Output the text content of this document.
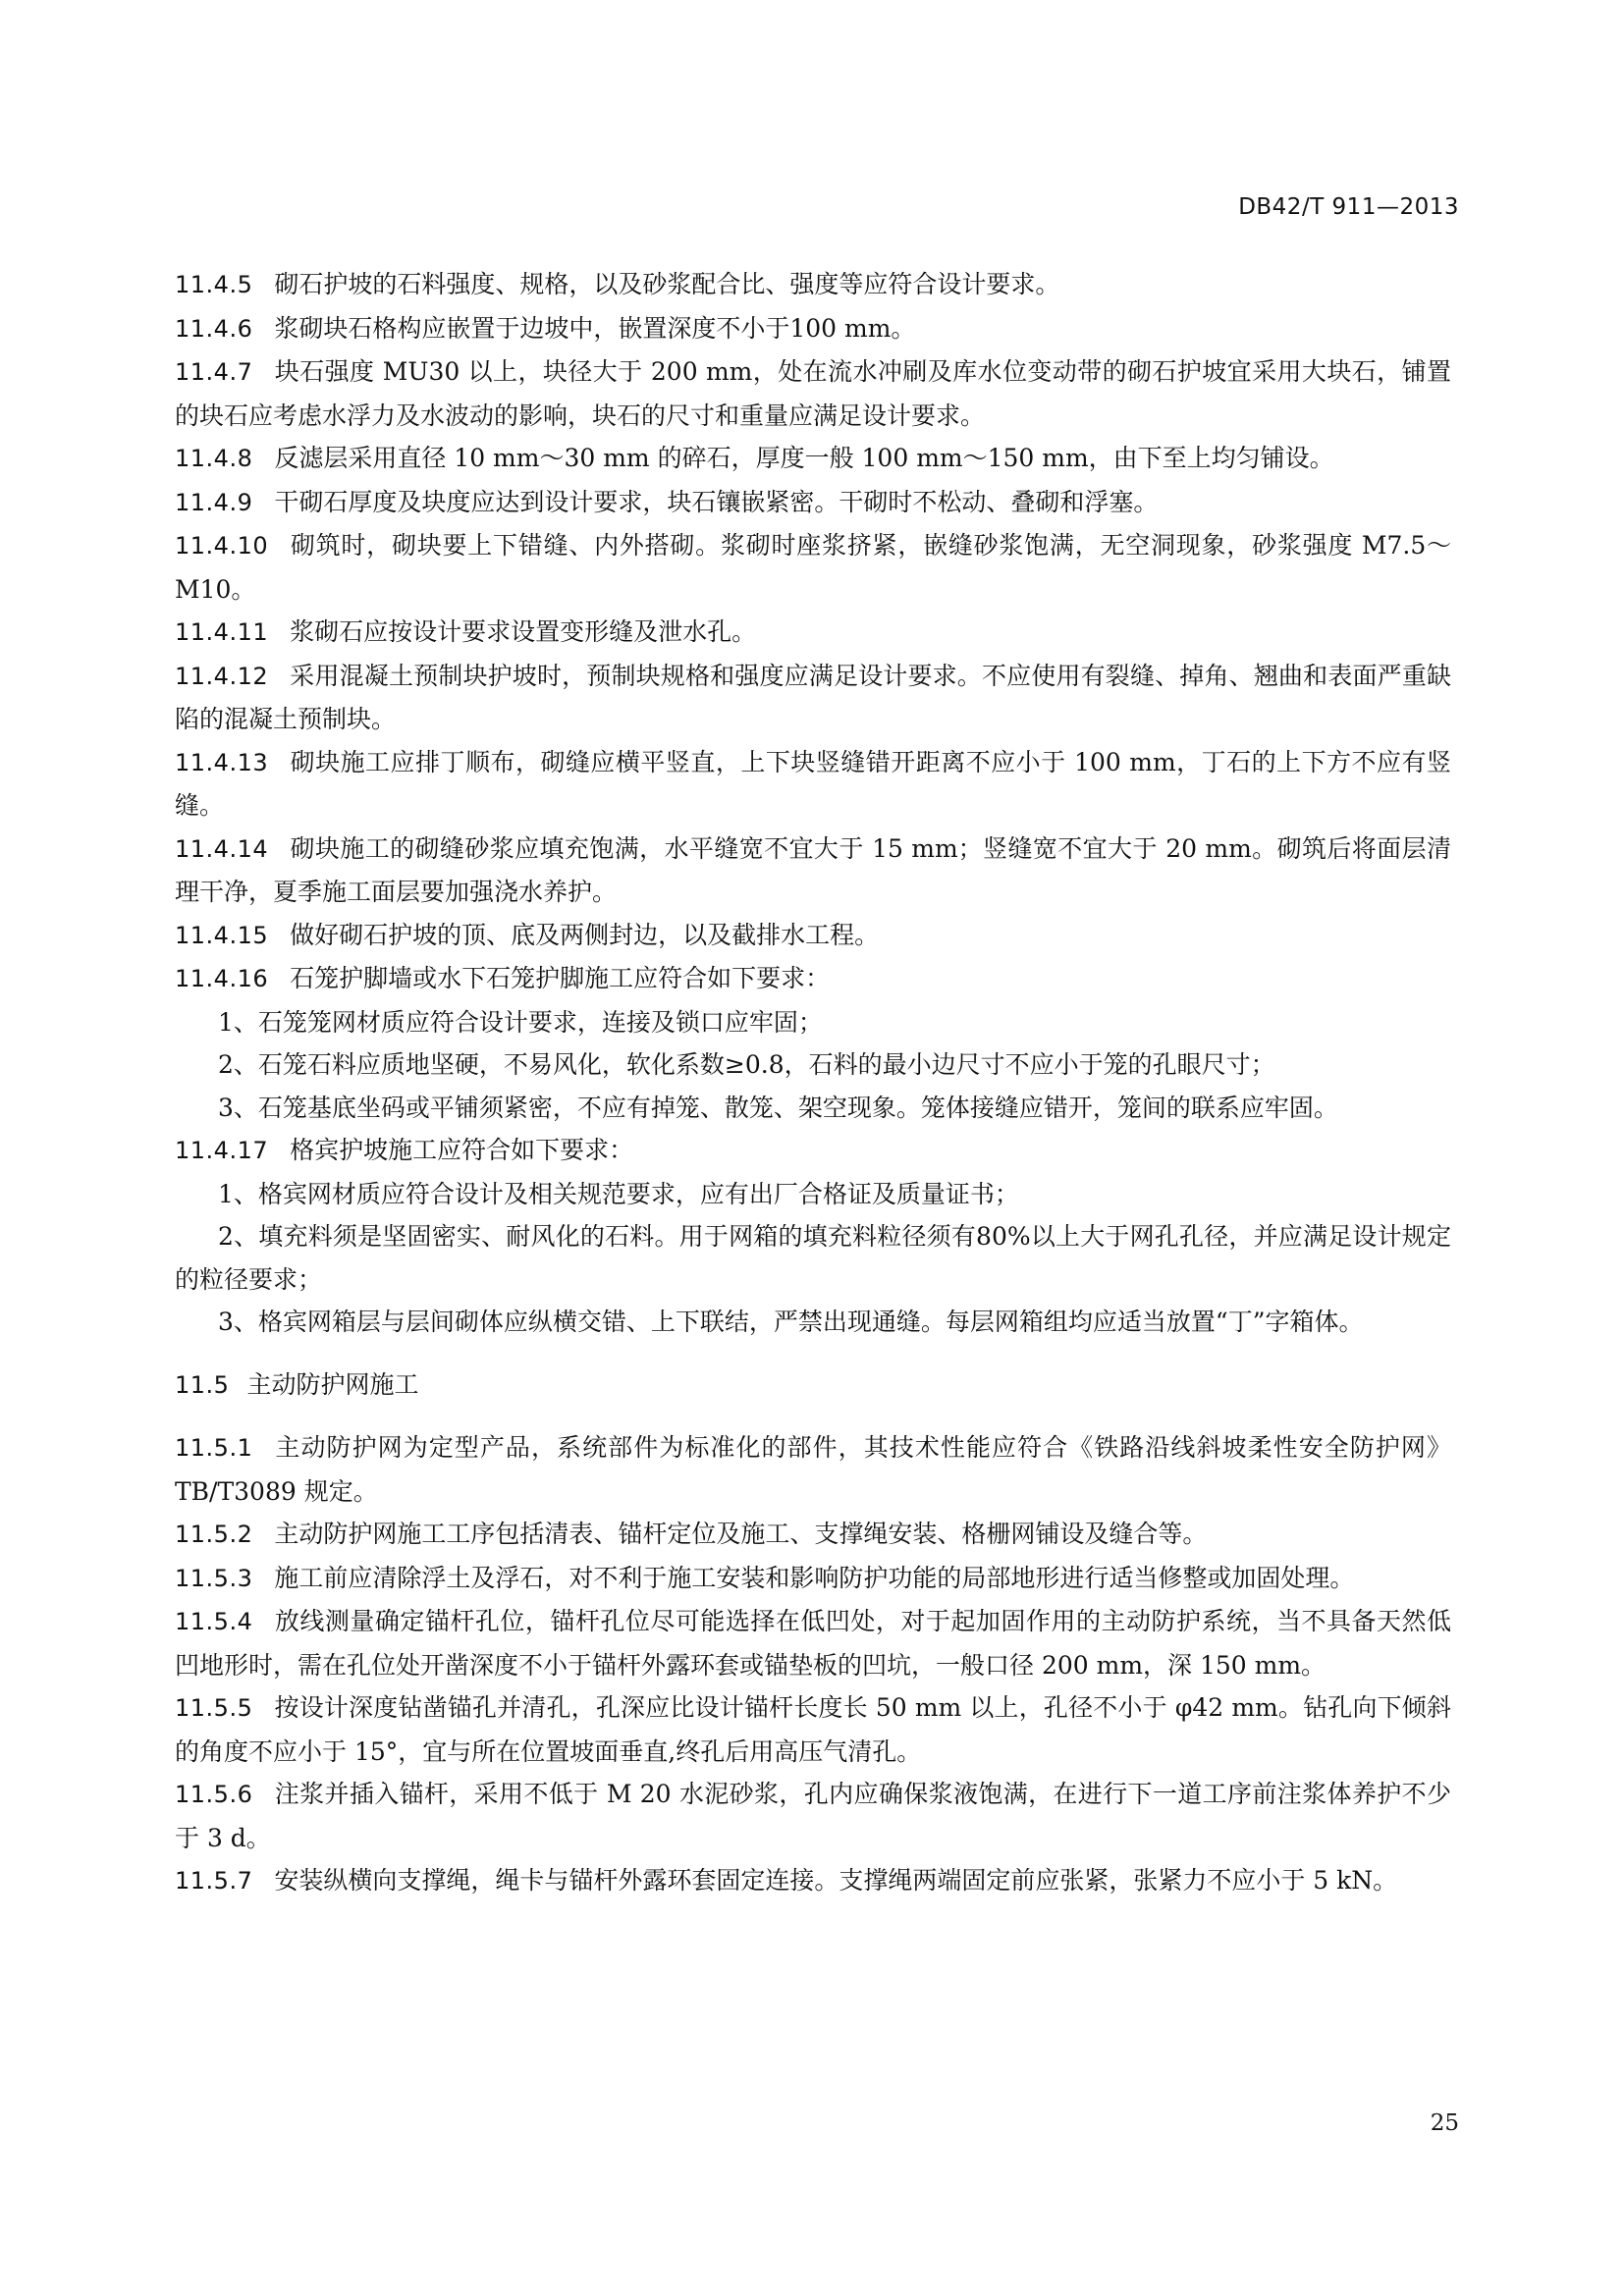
DB42/T 911—2013

11.4.5 砌石护坡的石料强度、规格，以及砂浆配合比、强度等应符合设计要求。

11.4.6 浆砌块石格构应嵌置于边坡中，嵌置深度不小于100 mm。

11.4.7 块石强度 MU30 以上，块径大于 200 mm，处在流水冲刷及库水位变动带的砌石护坡宜采用大块石，铺置的块石应考虑水浮力及水波动的影响，块石的尺寸和重量应满足设计要求。

11.4.8 反滤层采用直径 10 mm～30 mm 的碎石，厚度一般 100 mm～150 mm，由下至上均匀铺设。

11.4.9 干砌石厚度及块度应达到设计要求，块石镶嵌紧密。干砌时不松动、叠砌和浮塞。

11.4.10 砌筑时，砌块要上下错缝、内外搭砌。浆砌时座浆挤紧，嵌缝砂浆饱满，无空洞现象，砂浆强度 M7.5～M10。

11.4.11 浆砌石应按设计要求设置变形缝及泄水孔。

11.4.12 采用混凝土预制块护坡时，预制块规格和强度应满足设计要求。不应使用有裂缝、掉角、翘曲和表面严重缺陷的混凝土预制块。

11.4.13 砌块施工应排丁顺布，砌缝应横平竖直，上下块竖缝错开距离不应小于 100 mm，丁石的上下方不应有竖缝。

11.4.14 砌块施工的砌缝砂浆应填充饱满，水平缝宽不宜大于 15 mm；竖缝宽不宜大于 20 mm。砌筑后将面层清理干净，夏季施工面层要加强浇水养护。

11.4.15 做好砌石护坡的顶、底及两侧封边，以及截排水工程。

11.4.16 石笼护脚墙或水下石笼护脚施工应符合如下要求：

1、石笼笼网材质应符合设计要求，连接及锁口应牢固；

2、石笼石料应质地坚硬，不易风化，软化系数≥0.8，石料的最小边尺寸不应小于笼的孔眼尺寸；

3、石笼基底坐码或平铺须紧密，不应有掉笼、散笼、架空现象。笼体接缝应错开，笼间的联系应牢固。

11.4.17 格宾护坡施工应符合如下要求：

1、格宾网材质应符合设计及相关规范要求，应有出厂合格证及质量证书；

2、填充料须是坚固密实、耐风化的石料。用于网箱的填充料粒径须有80%以上大于网孔孔径，并应满足设计规定的粒径要求；

3、格宾网箱层与层间砌体应纵横交错、上下联结，严禁出现通缝。每层网箱组均应适当放置“丁”字箱体。

11.5 主动防护网施工

11.5.1 主动防护网为定型产品，系统部件为标准化的部件，其技术性能应符合《铁路沿线斜坡柔性安全防护网》TB/T3089 规定。

11.5.2 主动防护网施工工序包括清表、锚杆定位及施工、支撑绳安装、格栅网铺设及缝合等。

11.5.3 施工前应清除浮土及浮石，对不利于施工安装和影响防护功能的局部地形进行适当修整或加固处理。

11.5.4 放线测量确定锚杆孔位，锚杆孔位尽可能选择在低凹处，对于起加固作用的主动防护系统，当不具备天然低凹地形时，需在孔位处开凿深度不小于锚杆外露环套或锚垫板的凹坑，一般口径 200 mm，深 150 mm。

11.5.5 按设计深度钻凿锚孔并清孔，孔深应比设计锚杆长度长 50 mm 以上，孔径不小于 φ42 mm。钻孔向下倾斜的角度不应小于 15°，宜与所在位置坡面垂直,终孔后用高压气清孔。

11.5.6 注浆并插入锚杆，采用不低于 M 20 水泥砂浆，孔内应确保浆液饱满，在进行下一道工序前注浆体养护不少于 3 d。

11.5.7 安装纵横向支撑绳，绳卡与锚杆外露环套固定连接。支撑绳两端固定前应张紧，张紧力不应小于 5 kN。

25
